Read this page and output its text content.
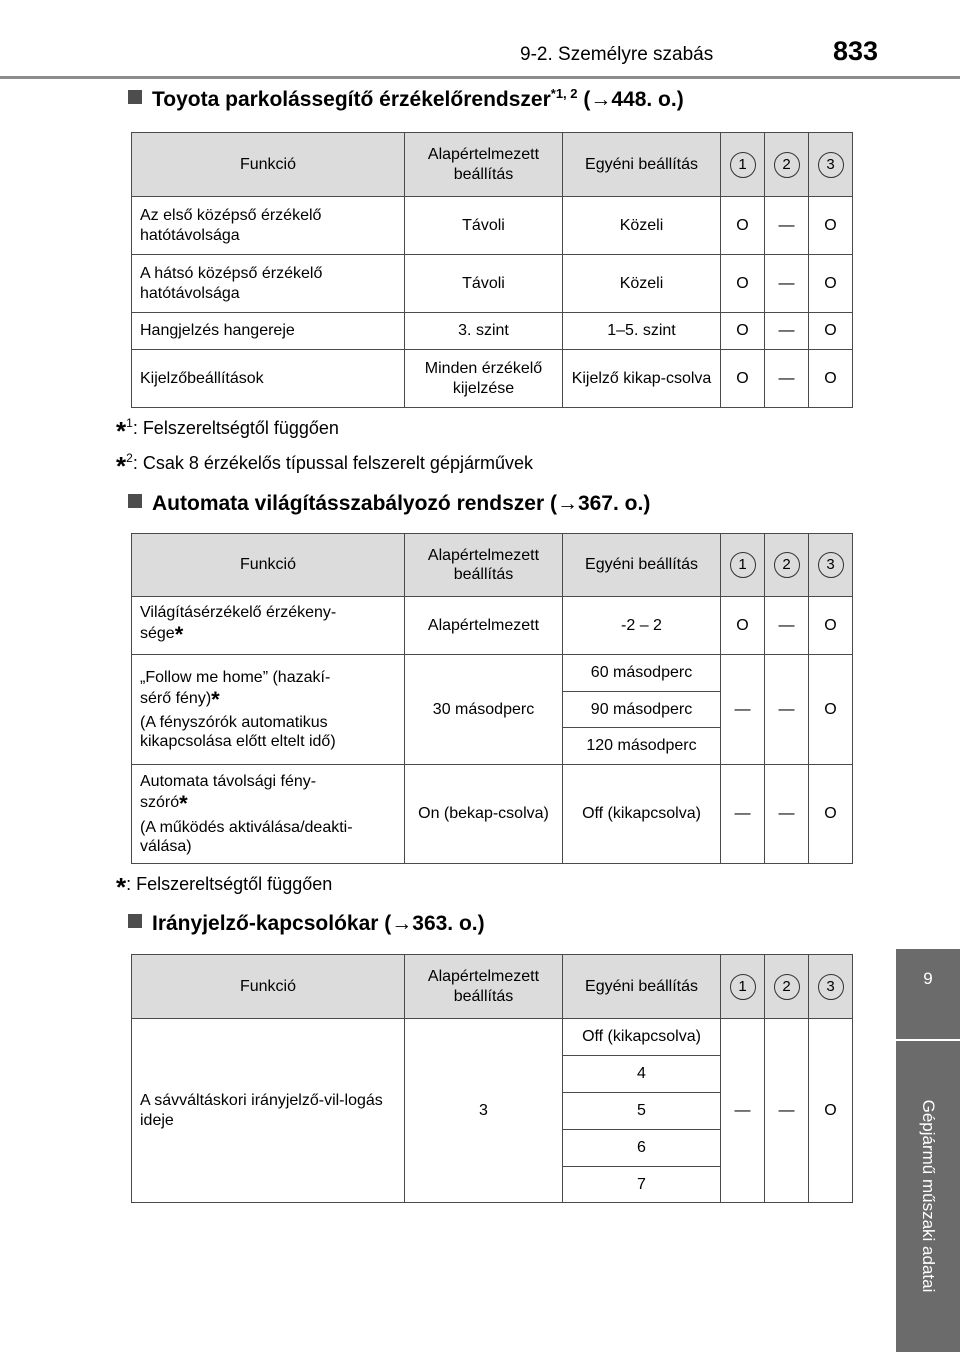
9-2. Személyre szabás	833
9
Gépjármű műszaki adatai
Toyota parkolássegítő érzékelőrendszer$^{*1, 2}$ (→448. o.)
Funkció	Alapértelmezett beállítás	Egyéni beállítás	1	2	3
Az első középső érzékelő hatótávolsága	Távoli	Közeli	O	—	O
A hátsó középső érzékelő hatótávolsága	Távoli	Közeli	O	—	O
Hangjelzés hangereje	3. szint	1–5. szint	O	—	O
Kijelzőbeállítások	Minden érzékelő kijelzése	Kijelző kikap-csolva	O	—	O
*$^1$: Felszereltségtől függően
*$^2$: Csak 8 érzékelős típussal felszerelt gépjárművek
Automata világításszabályozó rendszer (→367. o.)
Funkció	Alapértelmezett beállítás	Egyéni beállítás	1	2	3
Világításérzékelő érzékeny-
sége*	Alapértelmezett	-2 – 2	O	—	O
„Follow me home” (hazakí-
sérő fény)*
(A fényszórók automatikus kikapcsolása előtt eltelt idő)	30 másodperc	60 másodperc	—	—	O
		90 másodperc			
		120 másodperc			
Automata távolsági fény-
szóró*
(A működés aktiválása/deakti-válása)	On (bekap-csolva)	Off (kikapcsolva)	—	—	O
*: Felszereltségtől függően
Irányjelző-kapcsolókar (→363. o.)
Funkció	Alapértelmezett beállítás	Egyéni beállítás	1	2	3
A sávváltáskori irányjelző-vil-logás ideje	3	Off (kikapcsolva)	—	—	O
		4			
		5			
		6			
		7			
